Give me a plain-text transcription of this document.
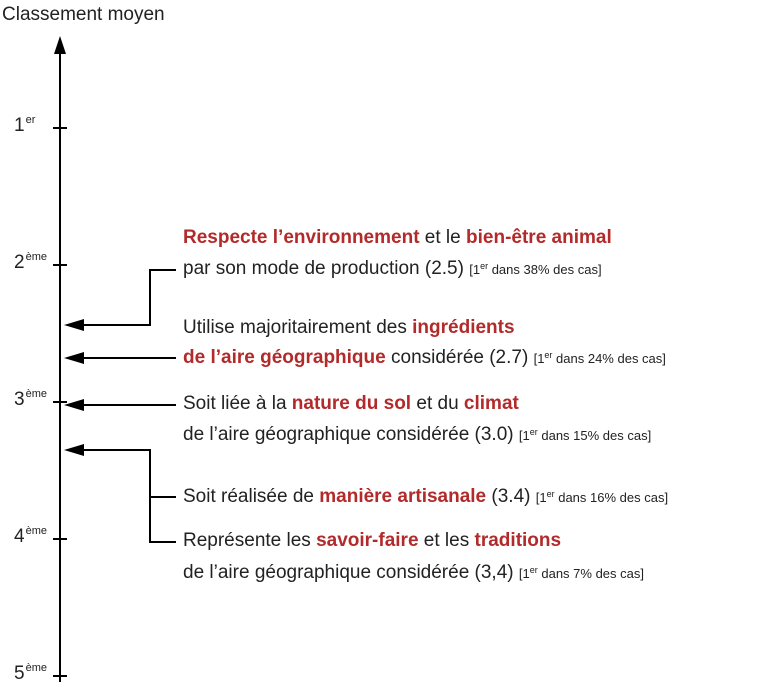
Classement moyen
1er
2ème
3ème
4ème
5ème
Respecte l’environnement et le bien-être animal
par son mode de production (2.5) [1er dans 38% des cas]
Utilise majoritairement des ingrédients
de l’aire géographique considérée (2.7) [1er dans 24% des cas]
Soit liée à la nature du sol et du climat
de l’aire géographique considérée (3.0) [1er dans 15% des cas]
Soit réalisée de manière artisanale (3.4) [1er dans 16% des cas]
Représente les savoir-faire et les traditions
de l’aire géographique considérée (3,4) [1er dans 7% des cas]
